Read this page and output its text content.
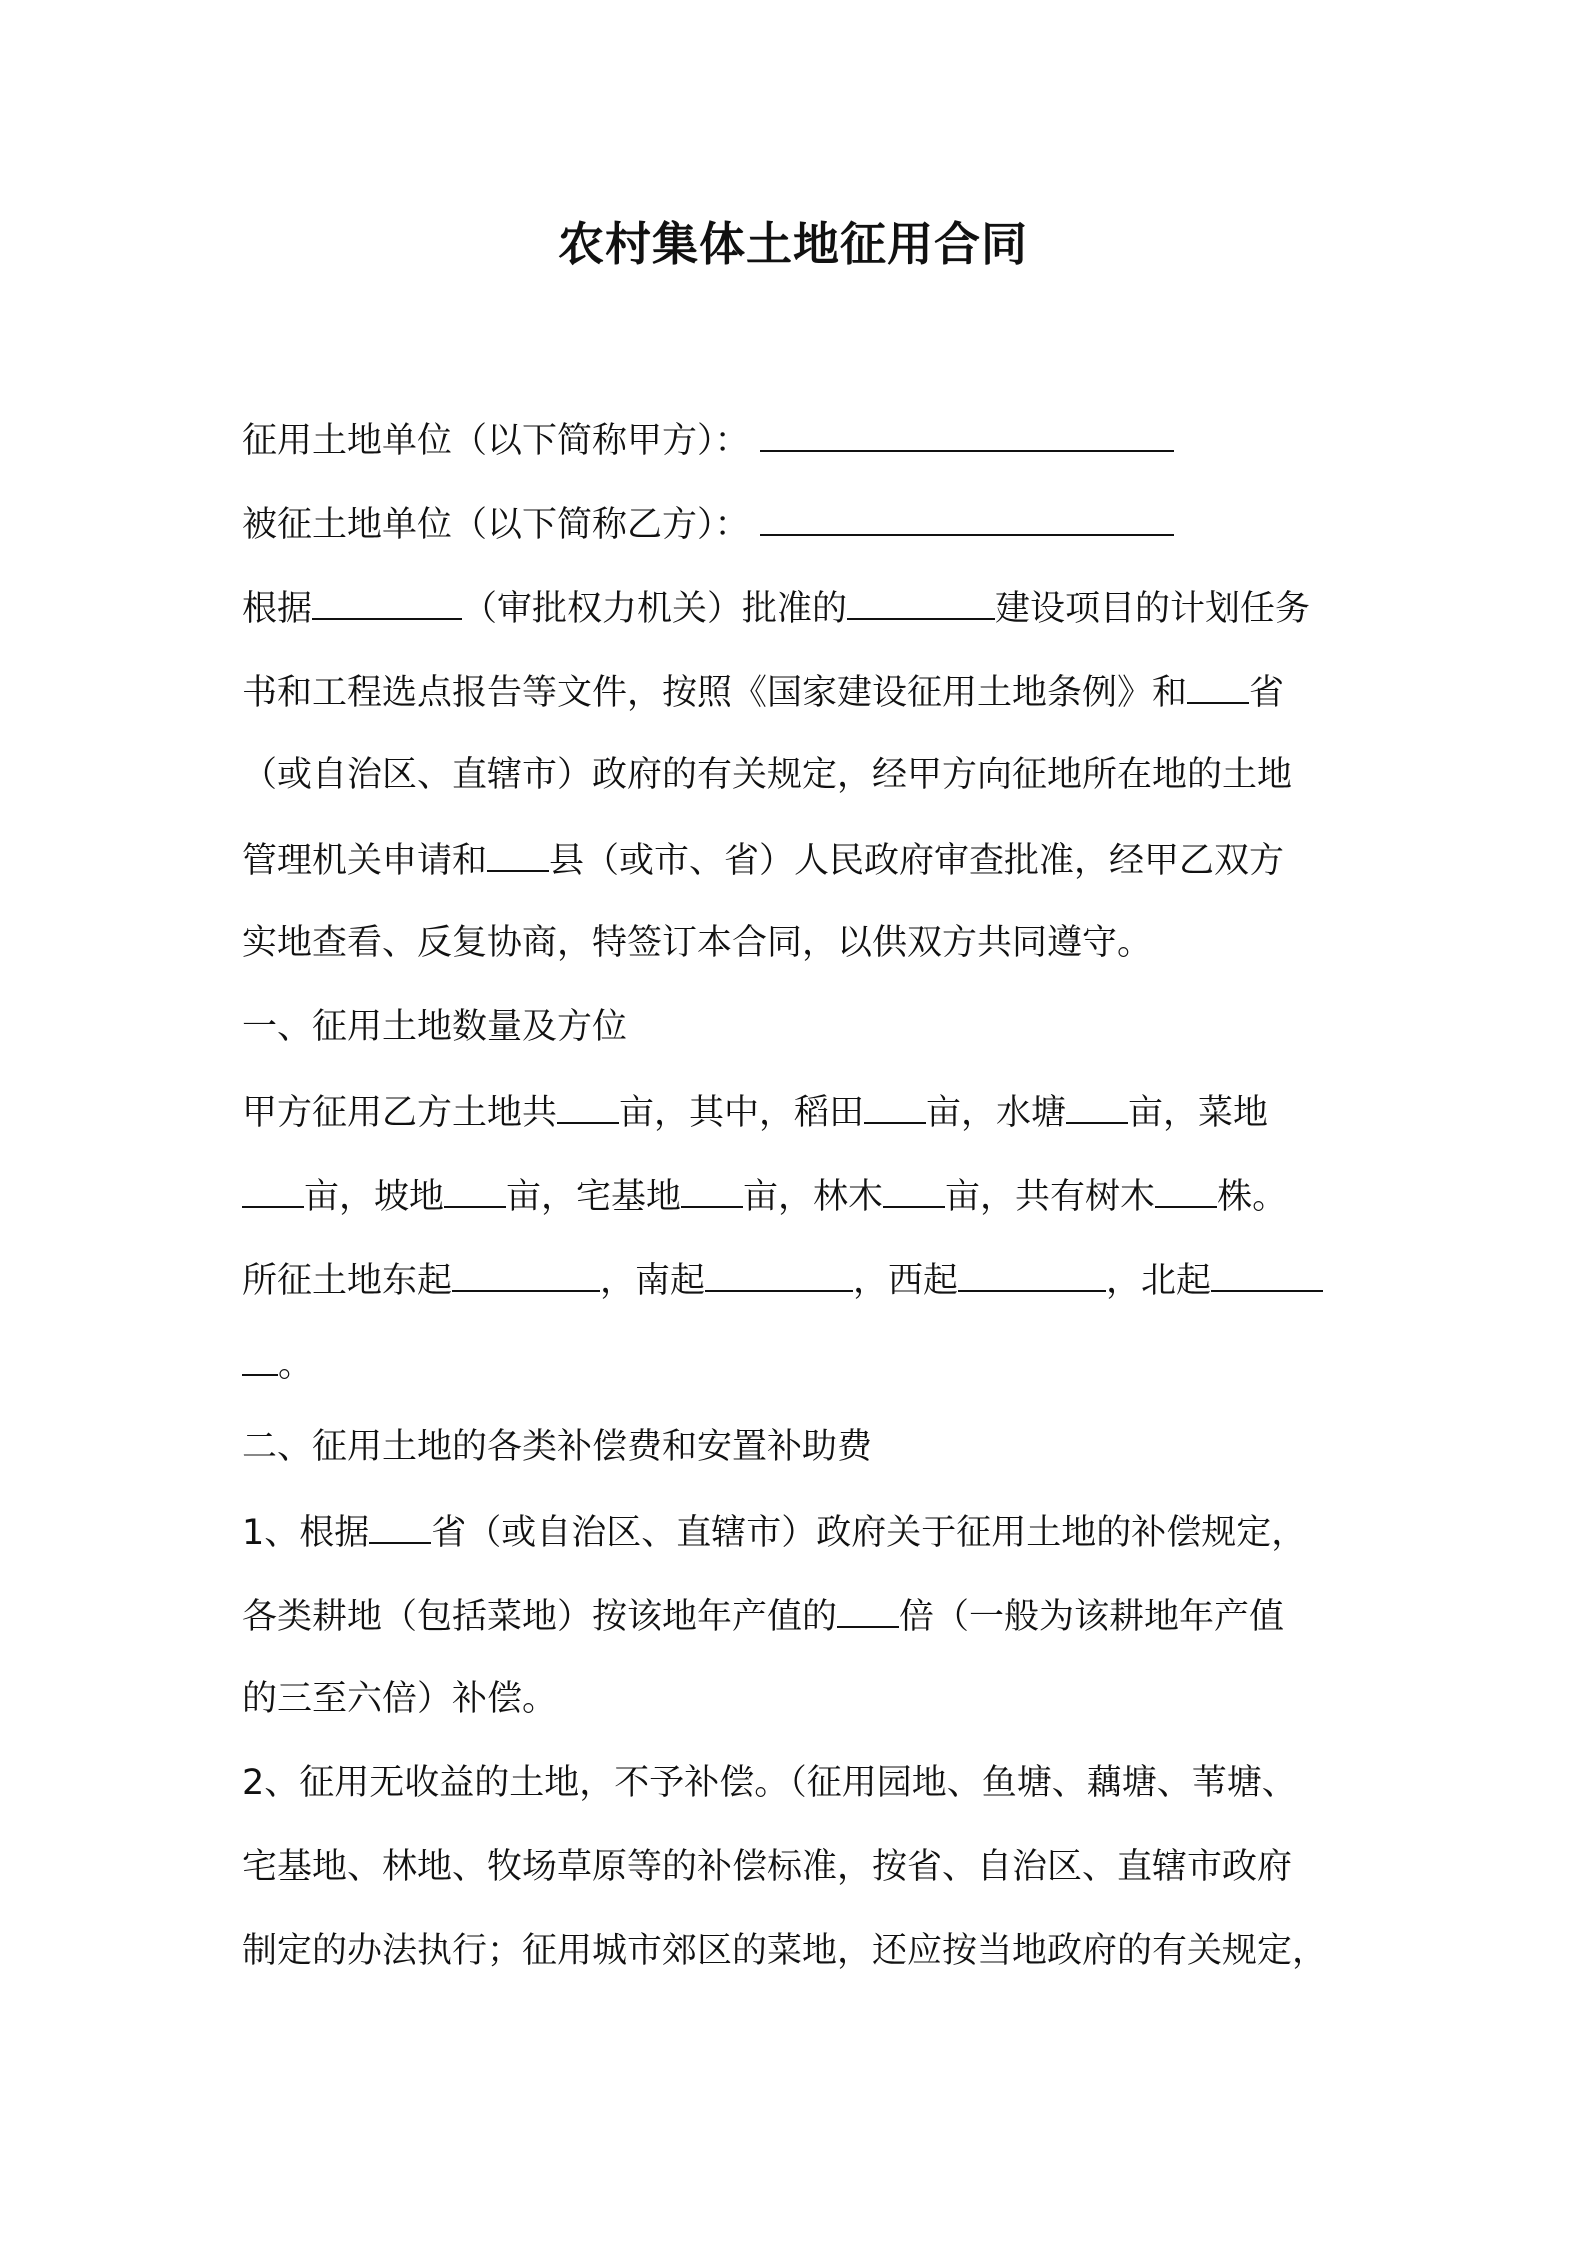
农村集体土地征用合同
征用土地单位（以下简称甲方）：
被征土地单位（以下简称乙方）：
根据	（审批权力机关）批准的	建设项目的计划任务
书和工程选点报告等文件，按照《国家建设征用土地条例》和 省
（或自治区、直辖市）政府的有关规定，经甲方向征地所在地的土地
管理机关申请和 县（或市、省）人民政府审查批准，经甲乙双方
实地查看、反复协商，特签订本合同，以供双方共同遵守。
一、征用土地数量及方位
甲方征用乙方土地共 亩，其中，稻田 亩，水塘 亩，菜地
亩，坡地 亩，宅基地 亩，林木 亩，共有树木 株。
所征土地东起	，南起	，西起	，北起
。
二、征用土地的各类补偿费和安置补助费
1、根据 省（或自治区、直辖市）政府关于征用土地的补偿规定，
各类耕地（包括菜地）按该地年产值的 倍（一般为该耕地年产值
的三至六倍）补偿。
2、征用无收益的土地，不予补偿。（征用园地、鱼塘、藕塘、苇塘、
宅基地、林地、牧场草原等的补偿标准，按省、自治区、直辖市政府
制定的办法执行；征用城市郊区的菜地，还应按当地政府的有关规定，
